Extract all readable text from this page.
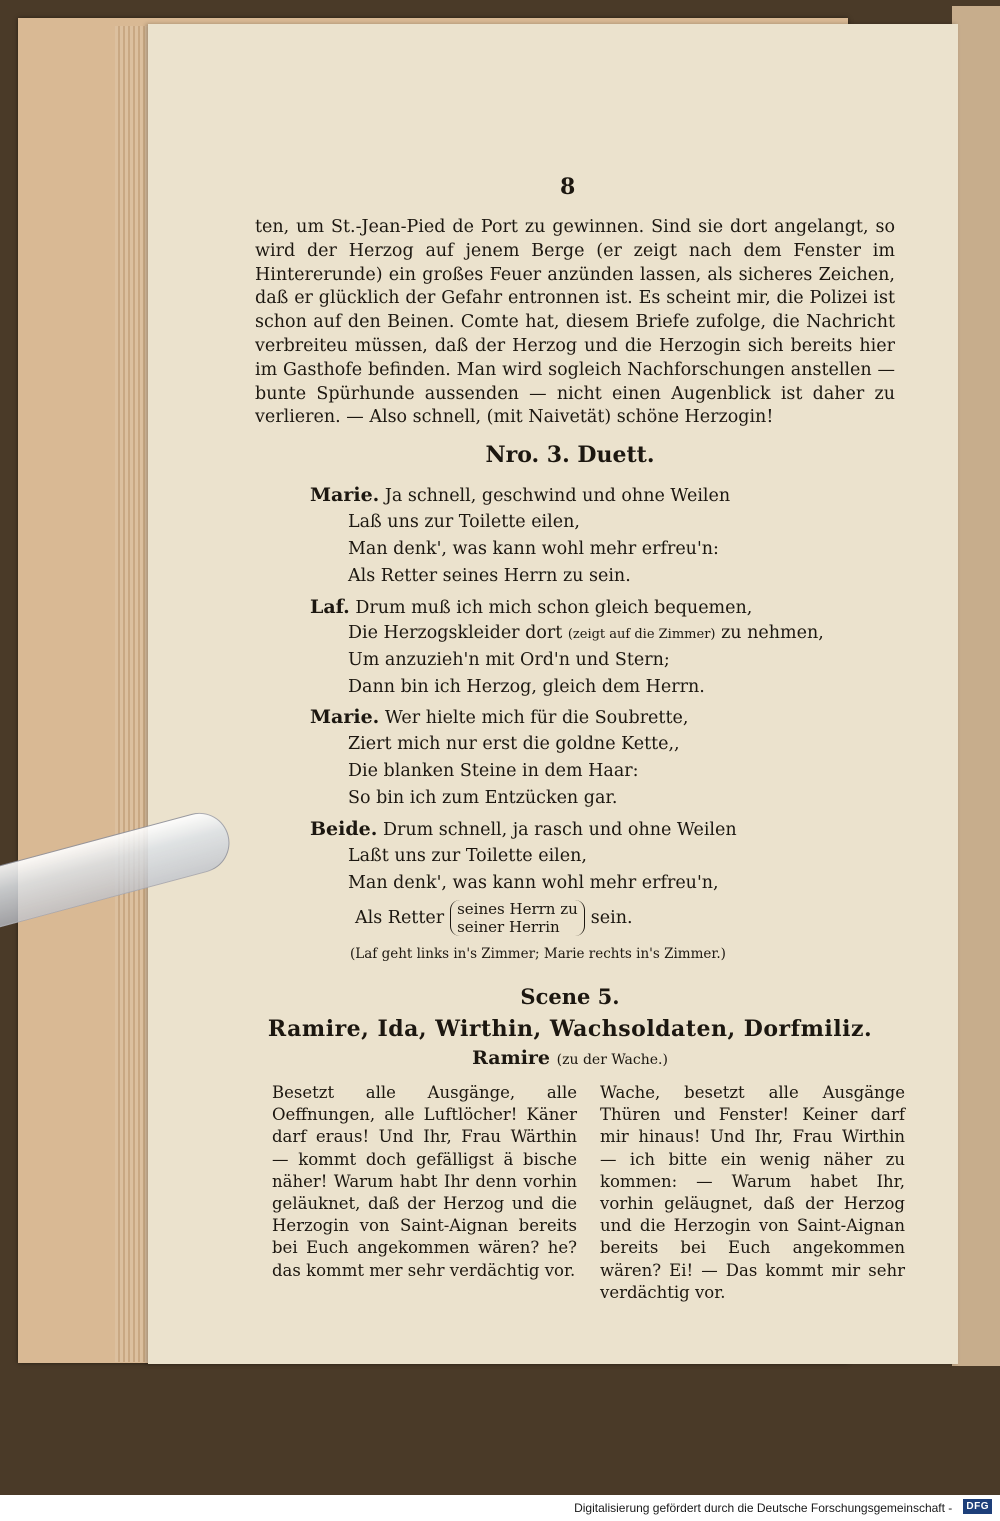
8
ten, um St.-Jean-Pied de Port zu gewinnen. Sind sie dort angelangt, so wird der Herzog auf jenem Berge (er zeigt nach dem Fenster im Hintererunde) ein großes Feuer anzünden lassen, als sicheres Zeichen, daß er glücklich der Gefahr entronnen ist. Es scheint mir, die Polizei ist schon auf den Beinen. Comte hat, diesem Briefe zufolge, die Nachricht verbreiteu müssen, daß der Herzog und die Herzogin sich bereits hier im Gasthofe befinden. Man wird sogleich Nachforschungen anstellen — bunte Spürhunde aussenden — nicht einen Augenblick ist daher zu verlieren. — Also schnell, (mit Naivetät) schöne Herzogin!
Nro. 3. Duett.
Marie. Ja schnell, geschwind und ohne Weilen
Laß uns zur Toilette eilen,
Man denk', was kann wohl mehr erfreu'n:
Als Retter seines Herrn zu sein.
Laf. Drum muß ich mich schon gleich bequemen,
Die Herzogskleider dort (zeigt auf die Zimmer) zu nehmen,
Um anzuzieh'n mit Ord'n und Stern;
Dann bin ich Herzog, gleich dem Herrn.
Marie. Wer hielte mich für die Soubrette,
Ziert mich nur erst die goldne Kette,,
Die blanken Steine in dem Haar:
So bin ich zum Entzücken gar.
Beide. Drum schnell, ja rasch und ohne Weilen
Laßt uns zur Toilette eilen,
Man denk', was kann wohl mehr erfreu'n,
Als Retter seines Herrn zu
seiner Herrin	sein.
(Laf geht links in's Zimmer; Marie rechts in's Zimmer.)
Scene 5.
Ramire, Ida, Wirthin, Wachsoldaten, Dorfmiliz.
Ramire (zu der Wache.)
Besetzt alle Ausgänge, alle Oeffnungen, alle Luftlöcher! Käner darf eraus! Und Ihr, Frau Wärthin — kommt doch gefälligst ä bische näher! Warum habt Ihr denn vorhin geläuknet, daß der Herzog und die Herzogin von Saint-Aignan bereits bei Euch angekommen wären? he? das kommt mer sehr verdächtig vor.
Wache, besetzt alle Ausgänge Thüren und Fenster! Keiner darf mir hinaus! Und Ihr, Frau Wirthin — ich bitte ein wenig näher zu kommen: — Warum habet Ihr, vorhin geläugnet, daß der Herzog und die Herzogin von Saint-Aignan bereits bei Euch angekommen wären? Ei! — Das kommt mir sehr verdächtig vor.
Digitalisierung gefördert durch die Deutsche Forschungsgemeinschaft - DFG
